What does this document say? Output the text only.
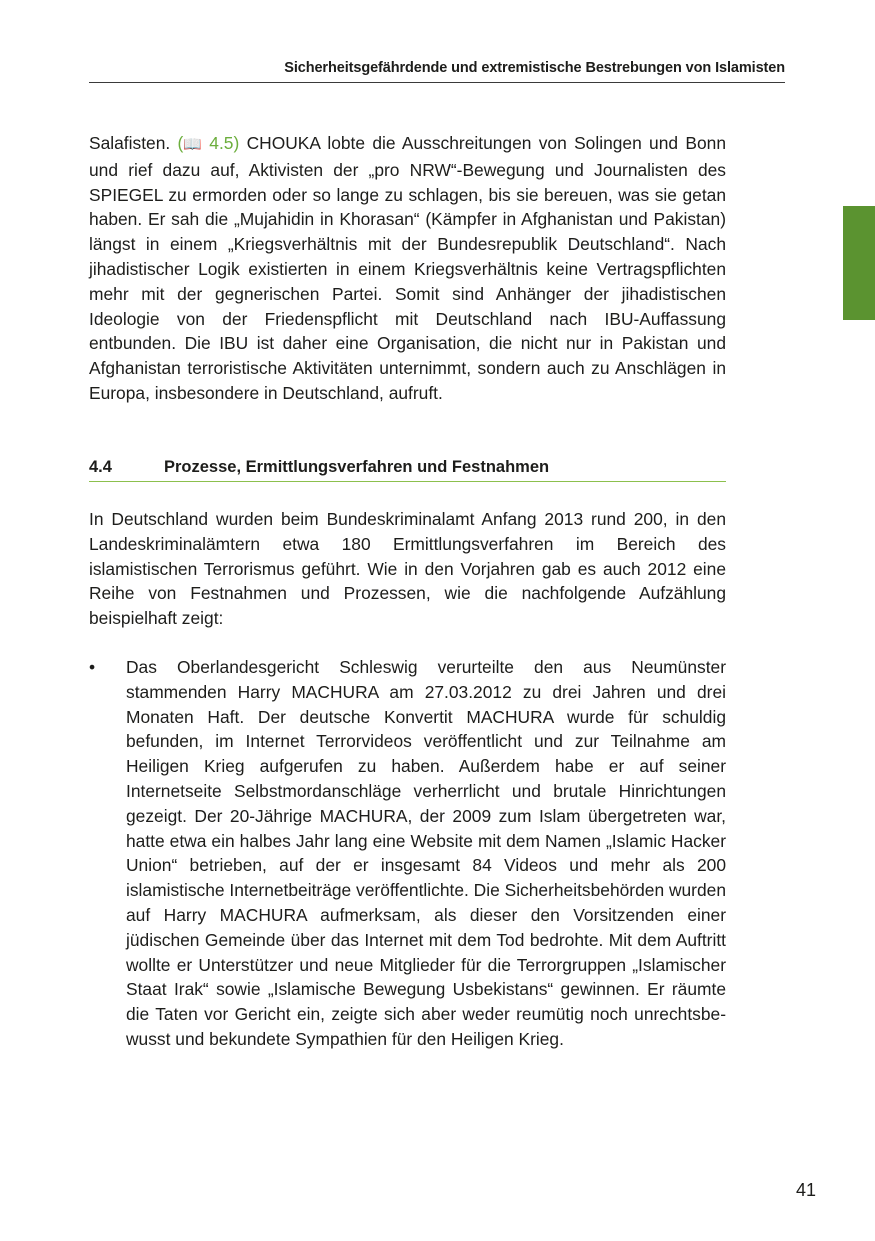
Sicherheitsgefährdende und extremistische Bestrebungen von Islamisten

Salafisten. (📖 4.5) CHOUKA lobte die Ausschreitungen von Solingen und Bonn und rief dazu auf, Aktivisten der „pro NRW“-Bewegung und Journalisten des SPIEGEL zu ermorden oder so lange zu schlagen, bis sie bereuen, was sie getan haben. Er sah die „Mujahidin in Khorasan“ (Kämpfer in Afghanistan und Pakistan) längst in einem „Kriegsverhältnis mit der Bundesrepublik Deutschland“. Nach jihadistischer Logik existierten in einem Kriegsverhältnis keine Vertragspflichten mehr mit der gegnerischen Partei. Somit sind Anhänger der jihadistischen Ideologie von der Friedenspflicht mit Deutschland nach IBU-Auffassung entbunden. Die IBU ist daher eine Organisation, die nicht nur in Pakistan und Afghanistan terroristische Aktivitäten unternimmt, sondern auch zu Anschlägen in Europa, insbesondere in Deutschland, aufruft.

4.4	Prozesse, Ermittlungsverfahren und Festnahmen

In Deutschland wurden beim Bundeskriminalamt Anfang 2013 rund 200, in den Landeskriminalämtern etwa 180 Ermittlungsverfahren im Bereich des islamistischen Terrorismus geführt. Wie in den Vorjahren gab es auch 2012 eine Reihe von Festnahmen und Prozessen, wie die nachfolgende Aufzählung beispielhaft zeigt:

• Das Oberlandesgericht Schleswig verurteilte den aus Neumünster stammenden Harry MACHURA am 27.03.2012 zu drei Jahren und drei Monaten Haft. Der deutsche Konvertit MACHURA wurde für schuldig befunden, im Internet Terrorvideos veröffentlicht und zur Teilnahme am Heiligen Krieg aufgerufen zu haben. Außerdem habe er auf seiner Internetseite Selbstmordanschläge verherrlicht und brutale Hinrichtungen gezeigt. Der 20-Jährige MACHURA, der 2009 zum Islam übergetreten war, hatte etwa ein halbes Jahr lang eine Website mit dem Namen „Islamic Hacker Union“ betrieben, auf der er insgesamt 84 Videos und mehr als 200 islamistische Internetbeiträge veröffentlichte. Die Sicherheitsbehörden wurden auf Harry MACHURA aufmerksam, als dieser den Vorsitzenden einer jüdischen Gemeinde über das Internet mit dem Tod bedrohte. Mit dem Auftritt wollte er Unterstützer und neue Mitglieder für die Terrorgruppen „Islamischer Staat Irak“ sowie „Islamische Bewegung Usbekistans“ gewinnen. Er räumte die Taten vor Gericht ein, zeigte sich aber weder reumütig noch unrechtsbewusst und bekundete Sympathien für den Heiligen Krieg.

41
